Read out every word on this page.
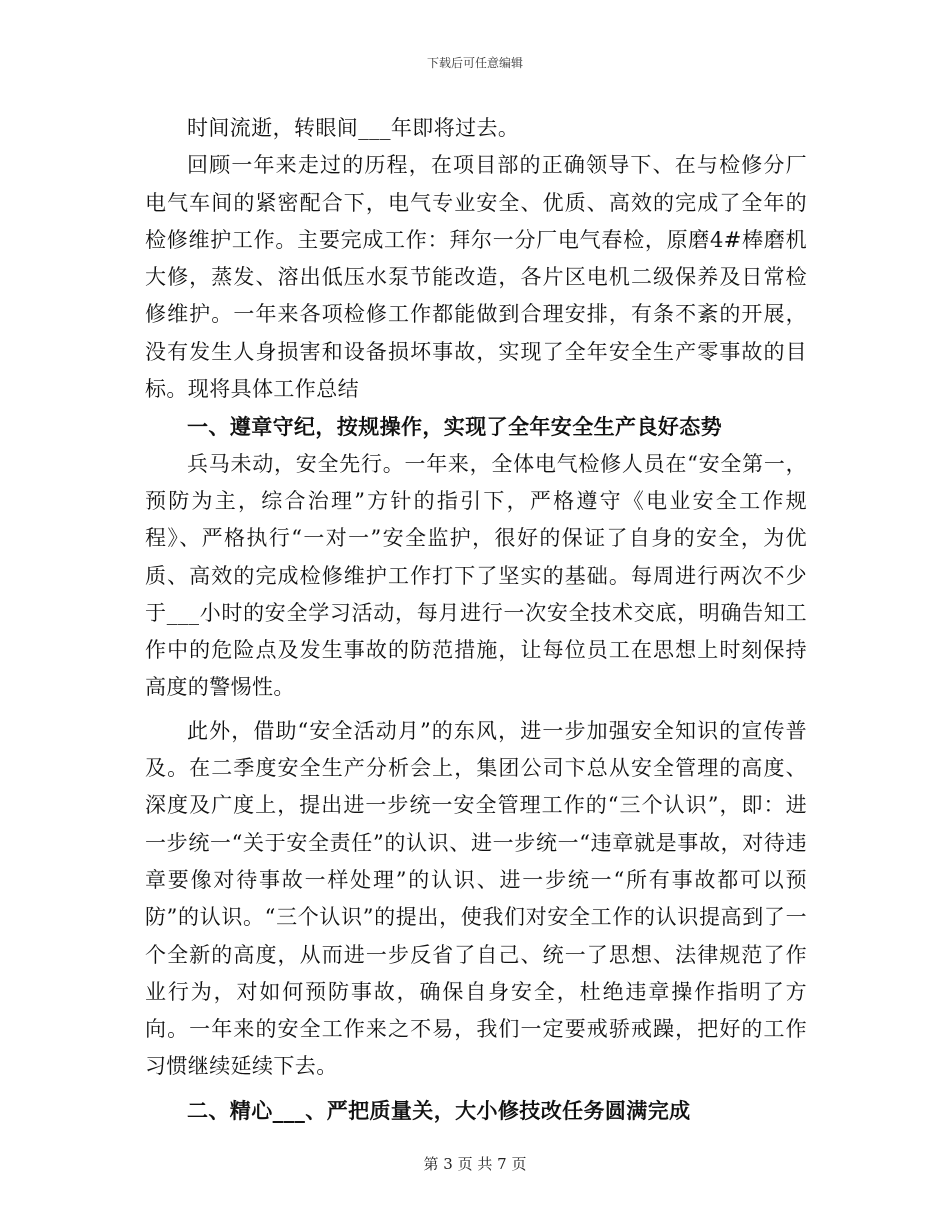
下载后可任意编辑

时间流逝，转眼间___年即将过去。

回顾一年来走过的历程，在项目部的正确领导下、在与检修分厂电气车间的紧密配合下，电气专业安全、优质、高效的完成了全年的检修维护工作。主要完成工作：拜尔一分厂电气春检，原磨4#棒磨机大修，蒸发、溶出低压水泵节能改造，各片区电机二级保养及日常检修维护。一年来各项检修工作都能做到合理安排，有条不紊的开展，没有发生人身损害和设备损坏事故，实现了全年安全生产零事故的目标。现将具体工作总结

一、遵章守纪，按规操作，实现了全年安全生产良好态势

兵马未动，安全先行。一年来，全体电气检修人员在“安全第一，预防为主，综合治理”方针的指引下，严格遵守《电业安全工作规程》、严格执行“一对一”安全监护，很好的保证了自身的安全，为优质、高效的完成检修维护工作打下了坚实的基础。每周进行两次不少于___小时的安全学习活动，每月进行一次安全技术交底，明确告知工作中的危险点及发生事故的防范措施，让每位员工在思想上时刻保持高度的警惕性。

此外，借助“安全活动月”的东风，进一步加强安全知识的宣传普及。在二季度安全生产分析会上，集团公司卞总从安全管理的高度、深度及广度上，提出进一步统一安全管理工作的“三个认识”，即：进一步统一“关于安全责任”的认识、进一步统一“违章就是事故，对待违章要像对待事故一样处理”的认识、进一步统一“所有事故都可以预防”的认识。“三个认识”的提出，使我们对安全工作的认识提高到了一个全新的高度，从而进一步反省了自己、统一了思想、法律规范了作业行为，对如何预防事故，确保自身安全，杜绝违章操作指明了方向。一年来的安全工作来之不易，我们一定要戒骄戒躁，把好的工作习惯继续延续下去。

二、精心___、严把质量关，大小修技改任务圆满完成

第 3 页 共 7 页
